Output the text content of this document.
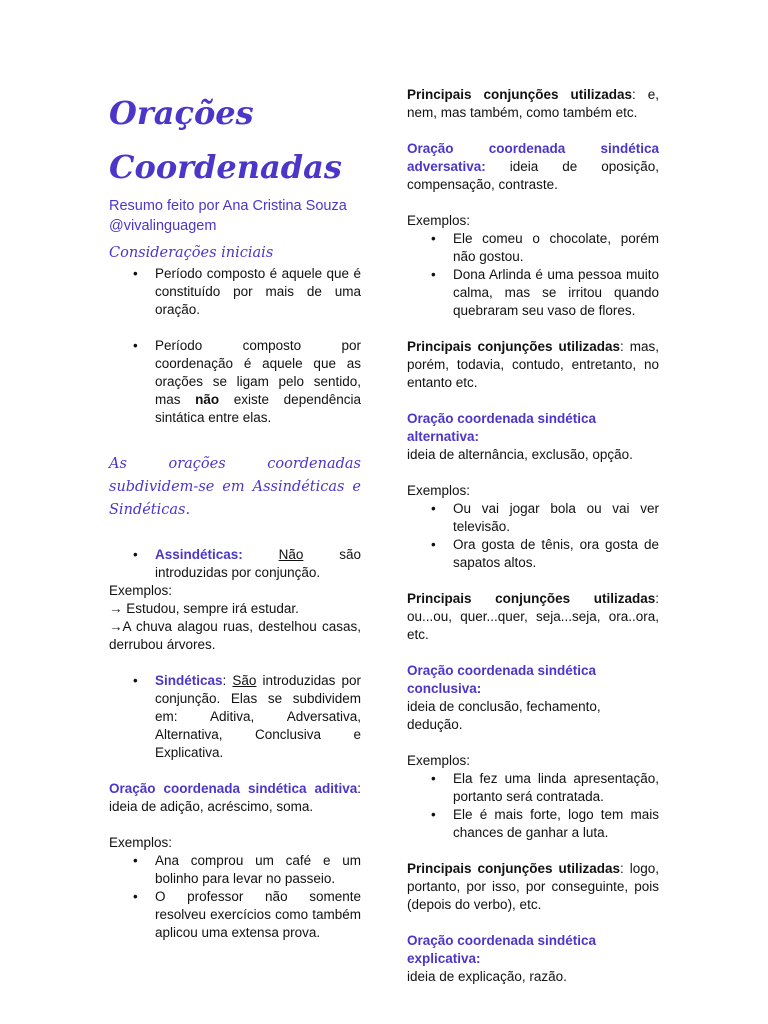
Orações
Coordenadas
Resumo feito por Ana Cristina Souza
@vivalinguagem
Considerações iniciais
• Período composto é aquele que é constituído por mais de uma oração.
• Período composto por coordenação é aquele que as orações se ligam pelo sentido, mas não existe dependência sintática entre elas.
As orações coordenadas subdividem-se em Assindéticas e Sindéticas.
• Assindéticas:	Não são introduzidas por conjunção.

Exemplos:

→ Estudou, sempre irá estudar.

→A chuva alagou ruas, destelhou casas, derrubou árvores.

• Sindéticas: São introduzidas por conjunção. Elas se subdividem em: Aditiva, Adversativa, Alternativa, Conclusiva e Explicativa.

Oração coordenada sindética aditiva: ideia de adição, acréscimo, soma.

Exemplos:

• Ana comprou um café e um bolinho para levar no passeio.
• O professor não somente resolveu exercícios como também aplicou uma extensa prova.

Principais conjunções utilizadas: e, nem, mas também, como também etc.

Oração coordenada sindética adversativa: ideia de oposição, compensação, contraste.

Exemplos:

• Ele comeu o chocolate, porém não gostou.
• Dona Arlinda é uma pessoa muito calma, mas se irritou quando quebraram seu vaso de flores.

Principais conjunções utilizadas: mas, porém, todavia, contudo, entretanto, no entanto etc.

Oração coordenada sindética alternativa:

ideia de alternância, exclusão, opção.

Exemplos:

• Ou vai jogar bola ou vai ver televisão.
• Ora gosta de tênis, ora gosta de sapatos altos.

Principais conjunções utilizadas: ou...ou, quer...quer, seja...seja, ora..ora, etc.

Oração coordenada sindética conclusiva:

ideia de conclusão, fechamento, dedução.

Exemplos:

• Ela fez uma linda apresentação, portanto será contratada.
• Ele é mais forte, logo tem mais chances de ganhar a luta.

Principais conjunções utilizadas: logo, portanto, por isso, por conseguinte, pois (depois do verbo), etc.

Oração coordenada sindética explicativa:

ideia de explicação, razão.
